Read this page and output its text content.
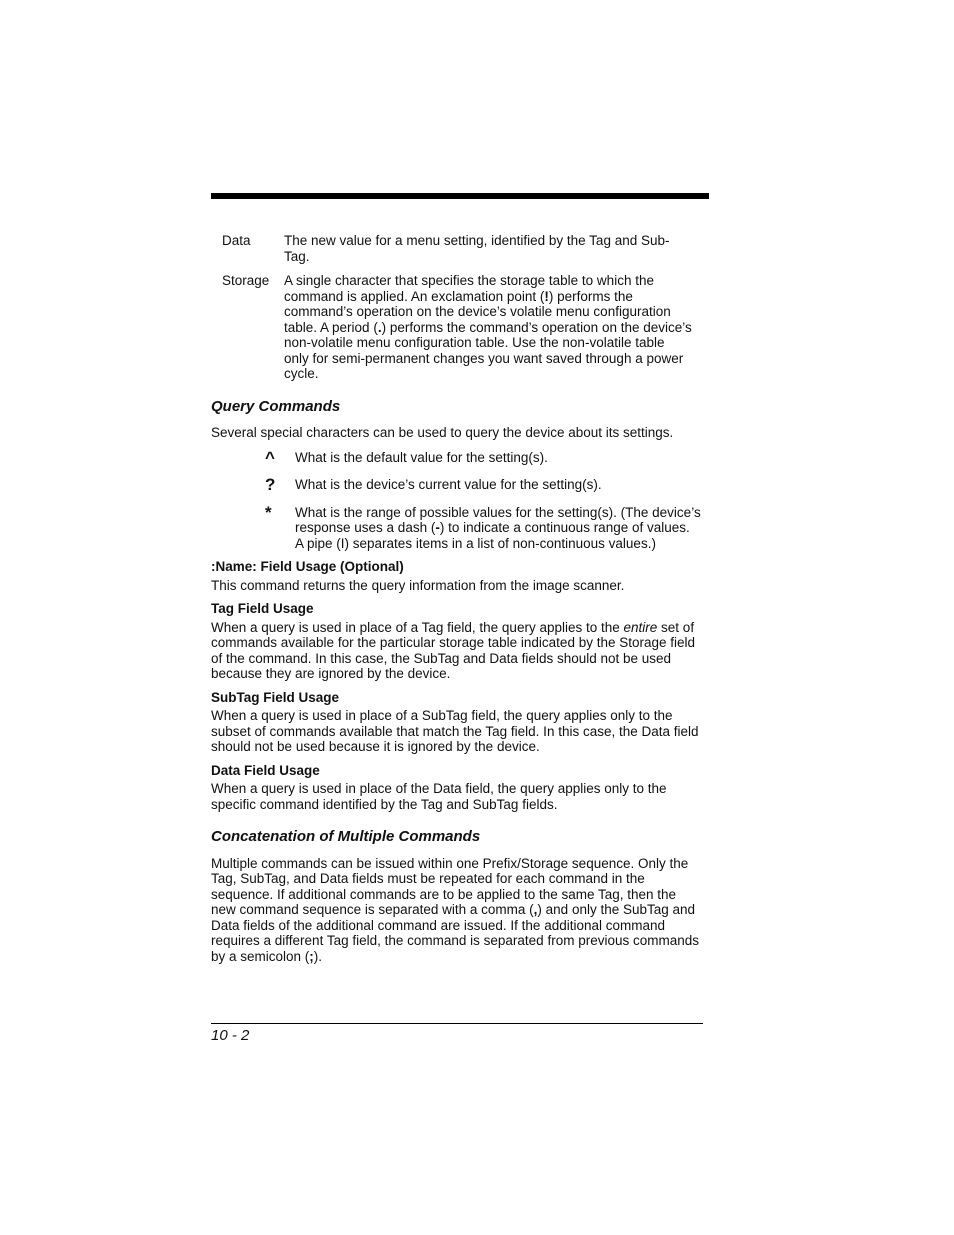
Data	The new value for a menu setting, identified by the Tag and Sub-Tag.
Storage	A single character that specifies the storage table to which the command is applied. An exclamation point (!) performs the command’s operation on the device’s volatile menu configuration table. A period (.) performs the command’s operation on the device’s non-volatile menu configuration table. Use the non-volatile table only for semi-permanent changes you want saved through a power cycle.
Query Commands

Several special characters can be used to query the device about its settings.

^	What is the default value for the setting(s).
?	What is the device’s current value for the setting(s).
*	What is the range of possible values for the setting(s). (The device’s response uses a dash (-) to indicate a continuous range of values. A pipe (I) separates items in a list of non-continuous values.)
:Name: Field Usage (Optional)

This command returns the query information from the image scanner.

Tag Field Usage

When a query is used in place of a Tag field, the query applies to the entire set of commands available for the particular storage table indicated by the Storage field of the command. In this case, the SubTag and Data fields should not be used because they are ignored by the device.

SubTag Field Usage

When a query is used in place of a SubTag field, the query applies only to the subset of commands available that match the Tag field. In this case, the Data field should not be used because it is ignored by the device.

Data Field Usage

When a query is used in place of the Data field, the query applies only to the specific command identified by the Tag and SubTag fields.

Concatenation of Multiple Commands

Multiple commands can be issued within one Prefix/Storage sequence. Only the Tag, SubTag, and Data fields must be repeated for each command in the sequence. If additional commands are to be applied to the same Tag, then the new command sequence is separated with a comma (,) and only the SubTag and Data fields of the additional command are issued. If the additional command requires a different Tag field, the command is separated from previous commands by a semicolon (;).

10 - 2
